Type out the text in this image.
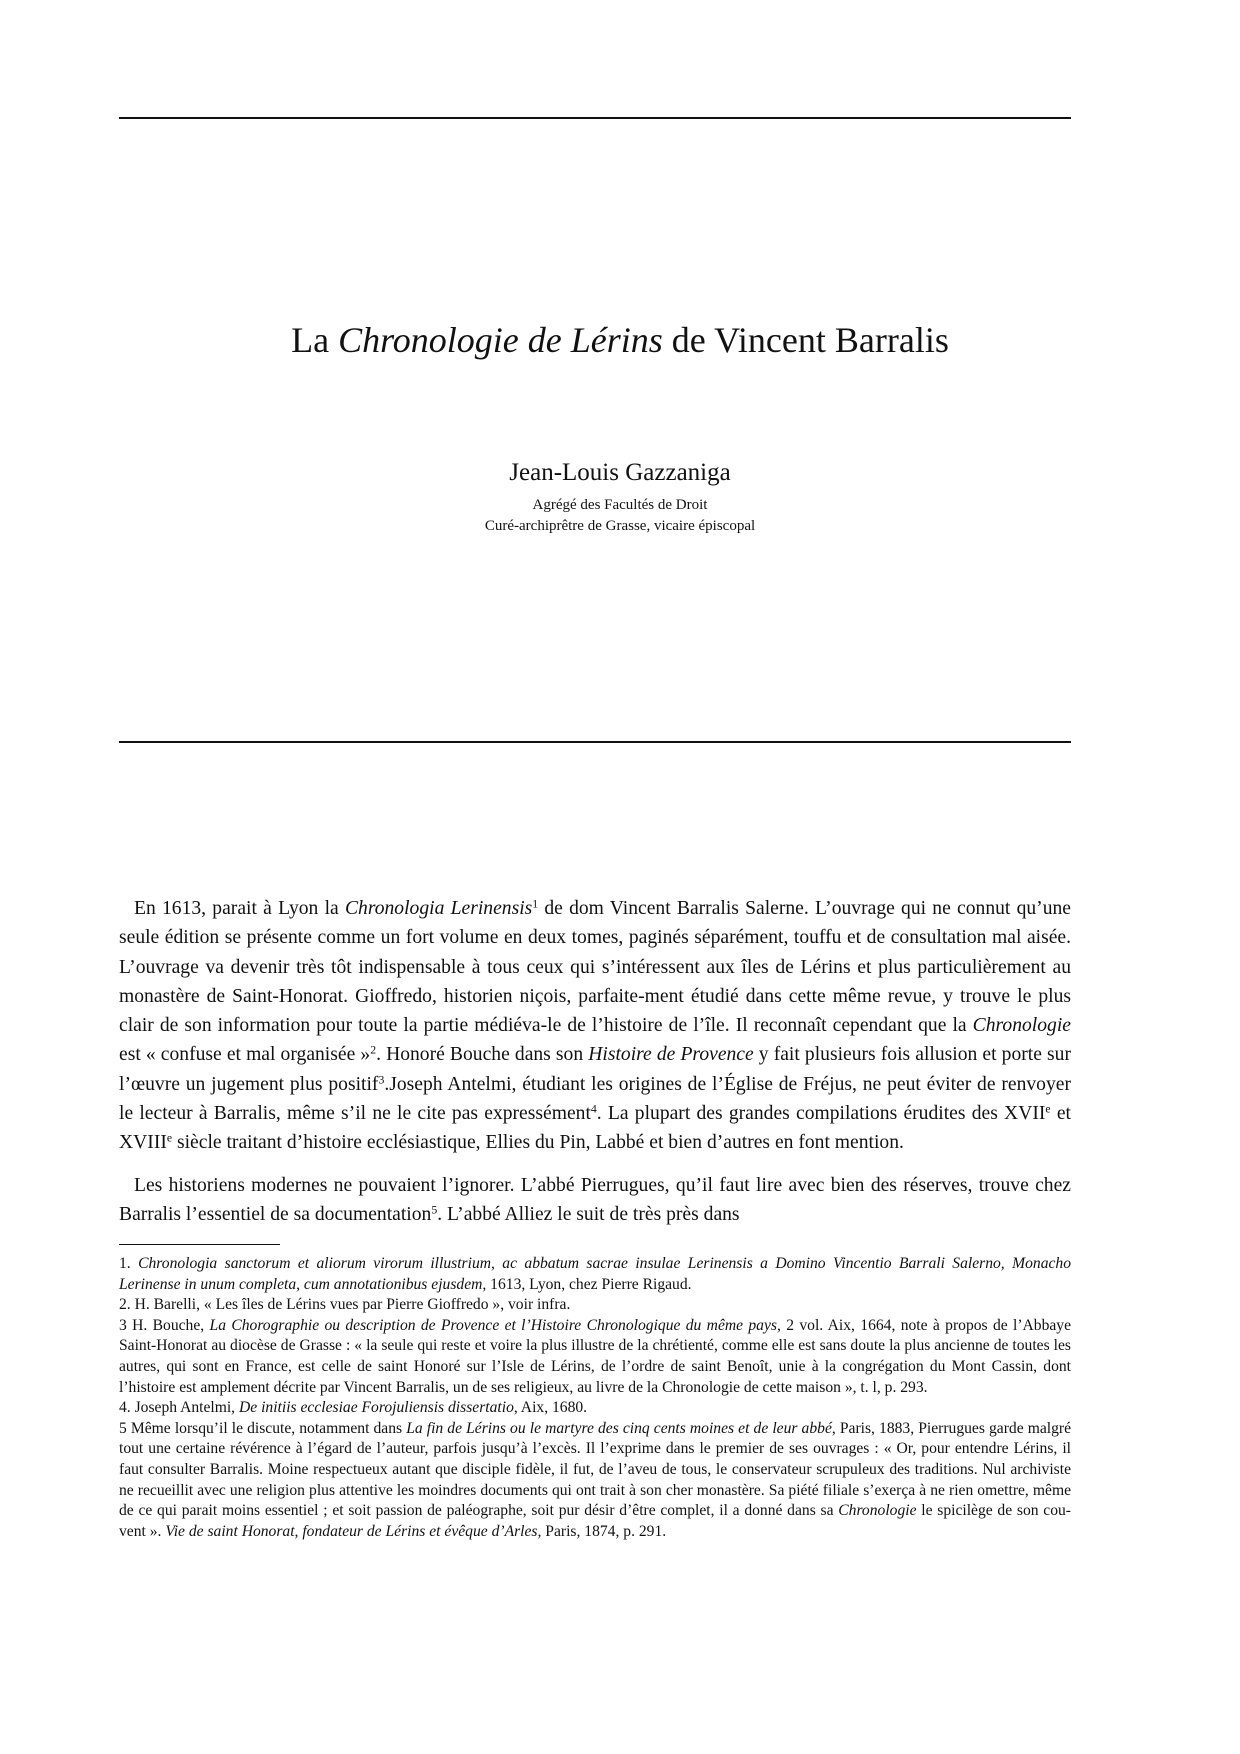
La Chronologie de Lérins de Vincent Barralis
Jean-Louis Gazzaniga
Agrégé des Facultés de Droit
Curé-archiprêtre de Grasse, vicaire épiscopal

En 1613, parait à Lyon la Chronologia Lerinensis$^1$ de dom Vincent Barralis Salerne. L’ouvrage qui ne connut qu’une seule édition se présente comme un fort volume en deux tomes, paginés séparément, touffu et de consultation mal aisée. L’ouvrage va devenir très tôt indispensable à tous ceux qui s’intéressent aux îles de Lérins et plus particulièrement au monastère de Saint-Honorat. Gioffredo, historien niçois, parfaite-ment étudié dans cette même revue, y trouve le plus clair de son information pour toute la partie médiéva-le de l’histoire de l’île. Il reconnaît cependant que la Chronologie est « confuse et mal organisée »$^2$. Honoré Bouche dans son Histoire de Provence y fait plusieurs fois allusion et porte sur l’œuvre un jugement plus positif$^3$.Joseph Antelmi, étudiant les origines de l’Église de Fréjus, ne peut éviter de renvoyer le lecteur à Barralis, même s’il ne le cite pas expressément$^4$. La plupart des grandes compilations érudites des XVIIe et XVIIIe siècle traitant d’histoire ecclésiastique, Ellies du Pin, Labbé et bien d’autres en font mention.

Les historiens modernes ne pouvaient l’ignorer. L’abbé Pierrugues, qu’il faut lire avec bien des réserves, trouve chez Barralis l’essentiel de sa documentation$^5$. L’abbé Alliez le suit de très près dans

1. Chronologia sanctorum et aliorum virorum illustrium, ac abbatum sacrae insulae Lerinensis a Domino Vincentio Barrali Salerno, Monacho Lerinense in unum completa, cum annotationibus ejusdem, 1613, Lyon, chez Pierre Rigaud.

2. H. Barelli, « Les îles de Lérins vues par Pierre Gioffredo », voir infra.

3 H. Bouche, La Chorographie ou description de Provence et l’Histoire Chronologique du même pays, 2 vol. Aix, 1664, note à propos de l’Abbaye Saint-Honorat au diocèse de Grasse : « la seule qui reste et voire la plus illustre de la chrétienté, comme elle est sans doute la plus ancienne de toutes les autres, qui sont en France, est celle de saint Honoré sur l’Isle de Lérins, de l’ordre de saint Benoît, unie à la congrégation du Mont Cassin, dont l’histoire est amplement décrite par Vincent Barralis, un de ses religieux, au livre de la Chronologie de cette maison », t. l, p. 293.

4. Joseph Antelmi, De initiis ecclesiae Forojuliensis dissertatio, Aix, 1680.

5 Même lorsqu’il le discute, notamment dans La fin de Lérins ou le martyre des cinq cents moines et de leur abbé, Paris, 1883, Pierrugues garde malgré tout une certaine révérence à l’égard de l’auteur, parfois jusqu’à l’excès. Il l’exprime dans le premier de ses ouvrages : « Or, pour entendre Lérins, il faut consulter Barralis. Moine respectueux autant que disciple fidèle, il fut, de l’aveu de tous, le conservateur scrupuleux des traditions. Nul archiviste ne recueillit avec une religion plus attentive les moindres documents qui ont trait à son cher monastère. Sa piété filiale s’exerça à ne rien omettre, même de ce qui parait moins essentiel ; et soit passion de paléographe, soit pur désir d’être complet, il a donné dans sa Chronologie le spicilège de son cou-vent ». Vie de saint Honorat, fondateur de Lérins et évêque d’Arles, Paris, 1874, p. 291.
